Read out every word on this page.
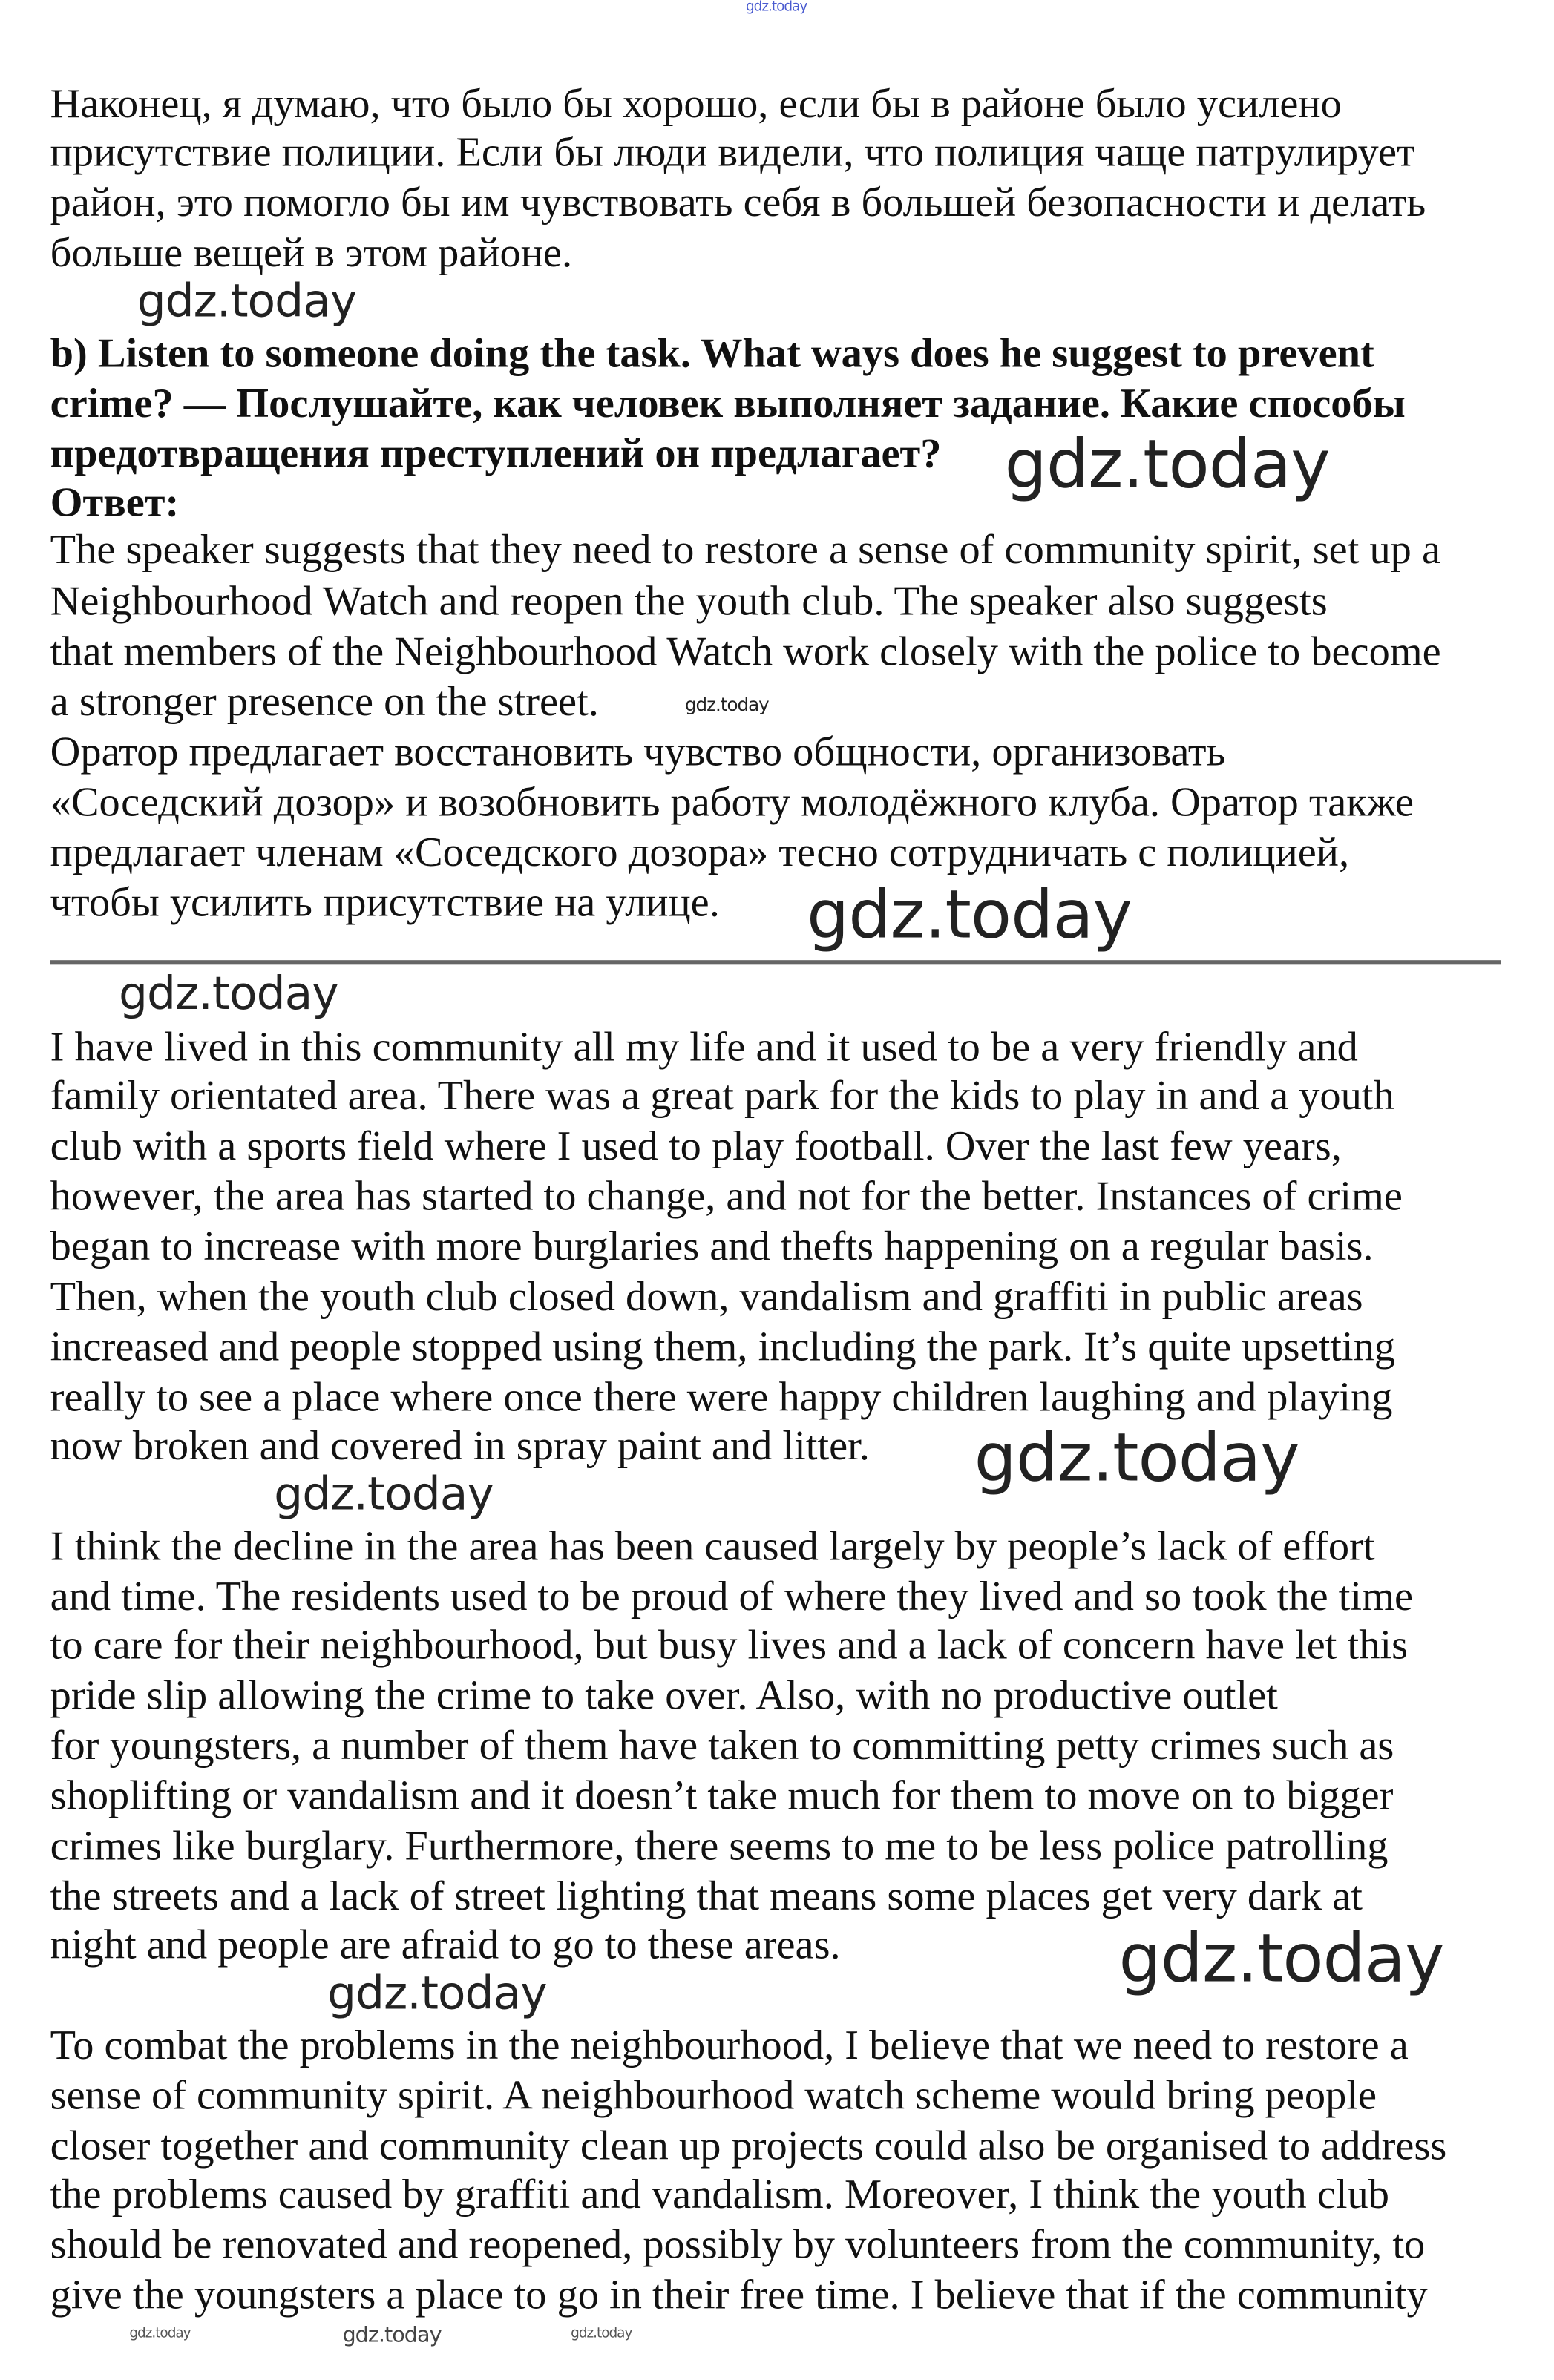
gdz.today
Наконец, я думаю, что было бы хорошо, если бы в районе было усилено
присутствие полиции. Если бы люди видели, что полиция чаще патрулирует
район, это помогло бы им чувствовать себя в большей безопасности и делать
больше вещей в этом районе.
gdz.today
b) Listen to someone doing the task. What ways does he suggest to prevent
crime? — Послушайте, как человек выполняет задание. Какие способы
предотвращения преступлений он предлагает? gdz.today
Ответ:
The speaker suggests that they need to restore a sense of community spirit, set up a
Neighbourhood Watch and reopen the youth club. The speaker also suggests
that members of the Neighbourhood Watch work closely with the police to become
a stronger presence on the street.	gdz.today
Оратор предлагает восстановить чувство общности, организовать
«Соседский дозор» и возобновить работу молодёжного клуба. Оратор также
предлагает членам «Соседского дозора» тесно сотрудничать с полицией,
чтобы усилить присутствие на улице.	gdz.today
gdz.today
I have lived in this community all my life and it used to be a very friendly and
family orientated area. There was a great park for the kids to play in and a youth
club with a sports field where I used to play football. Over the last few years,
however, the area has started to change, and not for the better. Instances of crime
began to increase with more burglaries and thefts happening on a regular basis.
Then, when the youth club closed down, vandalism and graffiti in public areas
increased and people stopped using them, including the park. It’s quite upsetting
really to see a place where once there were happy children laughing and playing
now broken and covered in spray paint and litter.	gdz.today
gdz.today
I think the decline in the area has been caused largely by people’s lack of effort
and time. The residents used to be proud of where they lived and so took the time
to care for their neighbourhood, but busy lives and a lack of concern have let this
pride slip allowing the crime to take over. Also, with no productive outlet
for youngsters, a number of them have taken to committing petty crimes such as
shoplifting or vandalism and it doesn’t take much for them to move on to bigger
crimes like burglary. Furthermore, there seems to me to be less police patrolling
the streets and a lack of street lighting that means some places get very dark at
night and people are afraid to go to these areas.	gdz.today
gdz.today
To combat the problems in the neighbourhood, I believe that we need to restore a
sense of community spirit. A neighbourhood watch scheme would bring people
closer together and community clean up projects could also be organised to address
the problems caused by graffiti and vandalism. Moreover, I think the youth club
should be renovated and reopened, possibly by volunteers from the community, to
give the youngsters a place to go in their free time. I believe that if the community
gdz.today	gdz.today	gdz.today
